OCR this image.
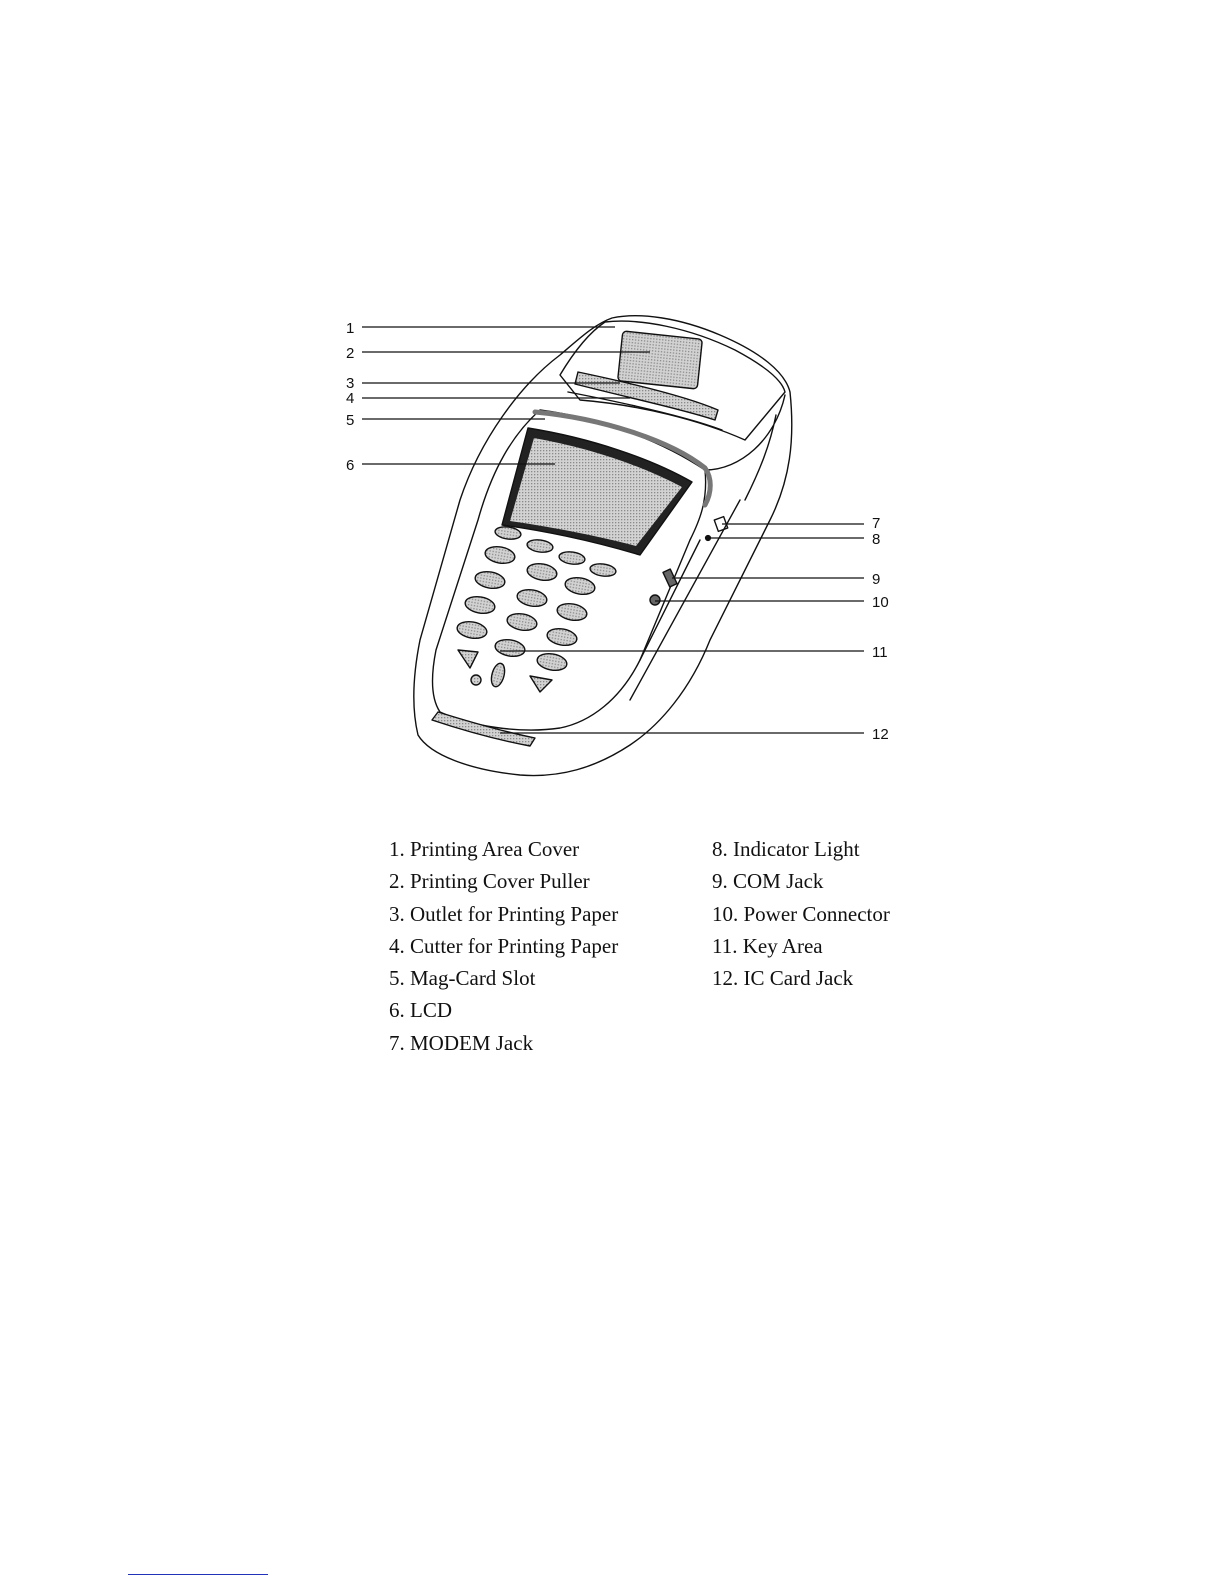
1
2
3
4
5
6
7
8
9
10
11
12
1. Printing Area Cover
2. Printing Cover Puller
3. Outlet for Printing Paper
4. Cutter for Printing Paper
5. Mag-Card Slot
6. LCD
7. MODEM Jack
8. Indicator Light
9. COM Jack
10. Power Connector
11. Key Area
12. IC Card Jack
